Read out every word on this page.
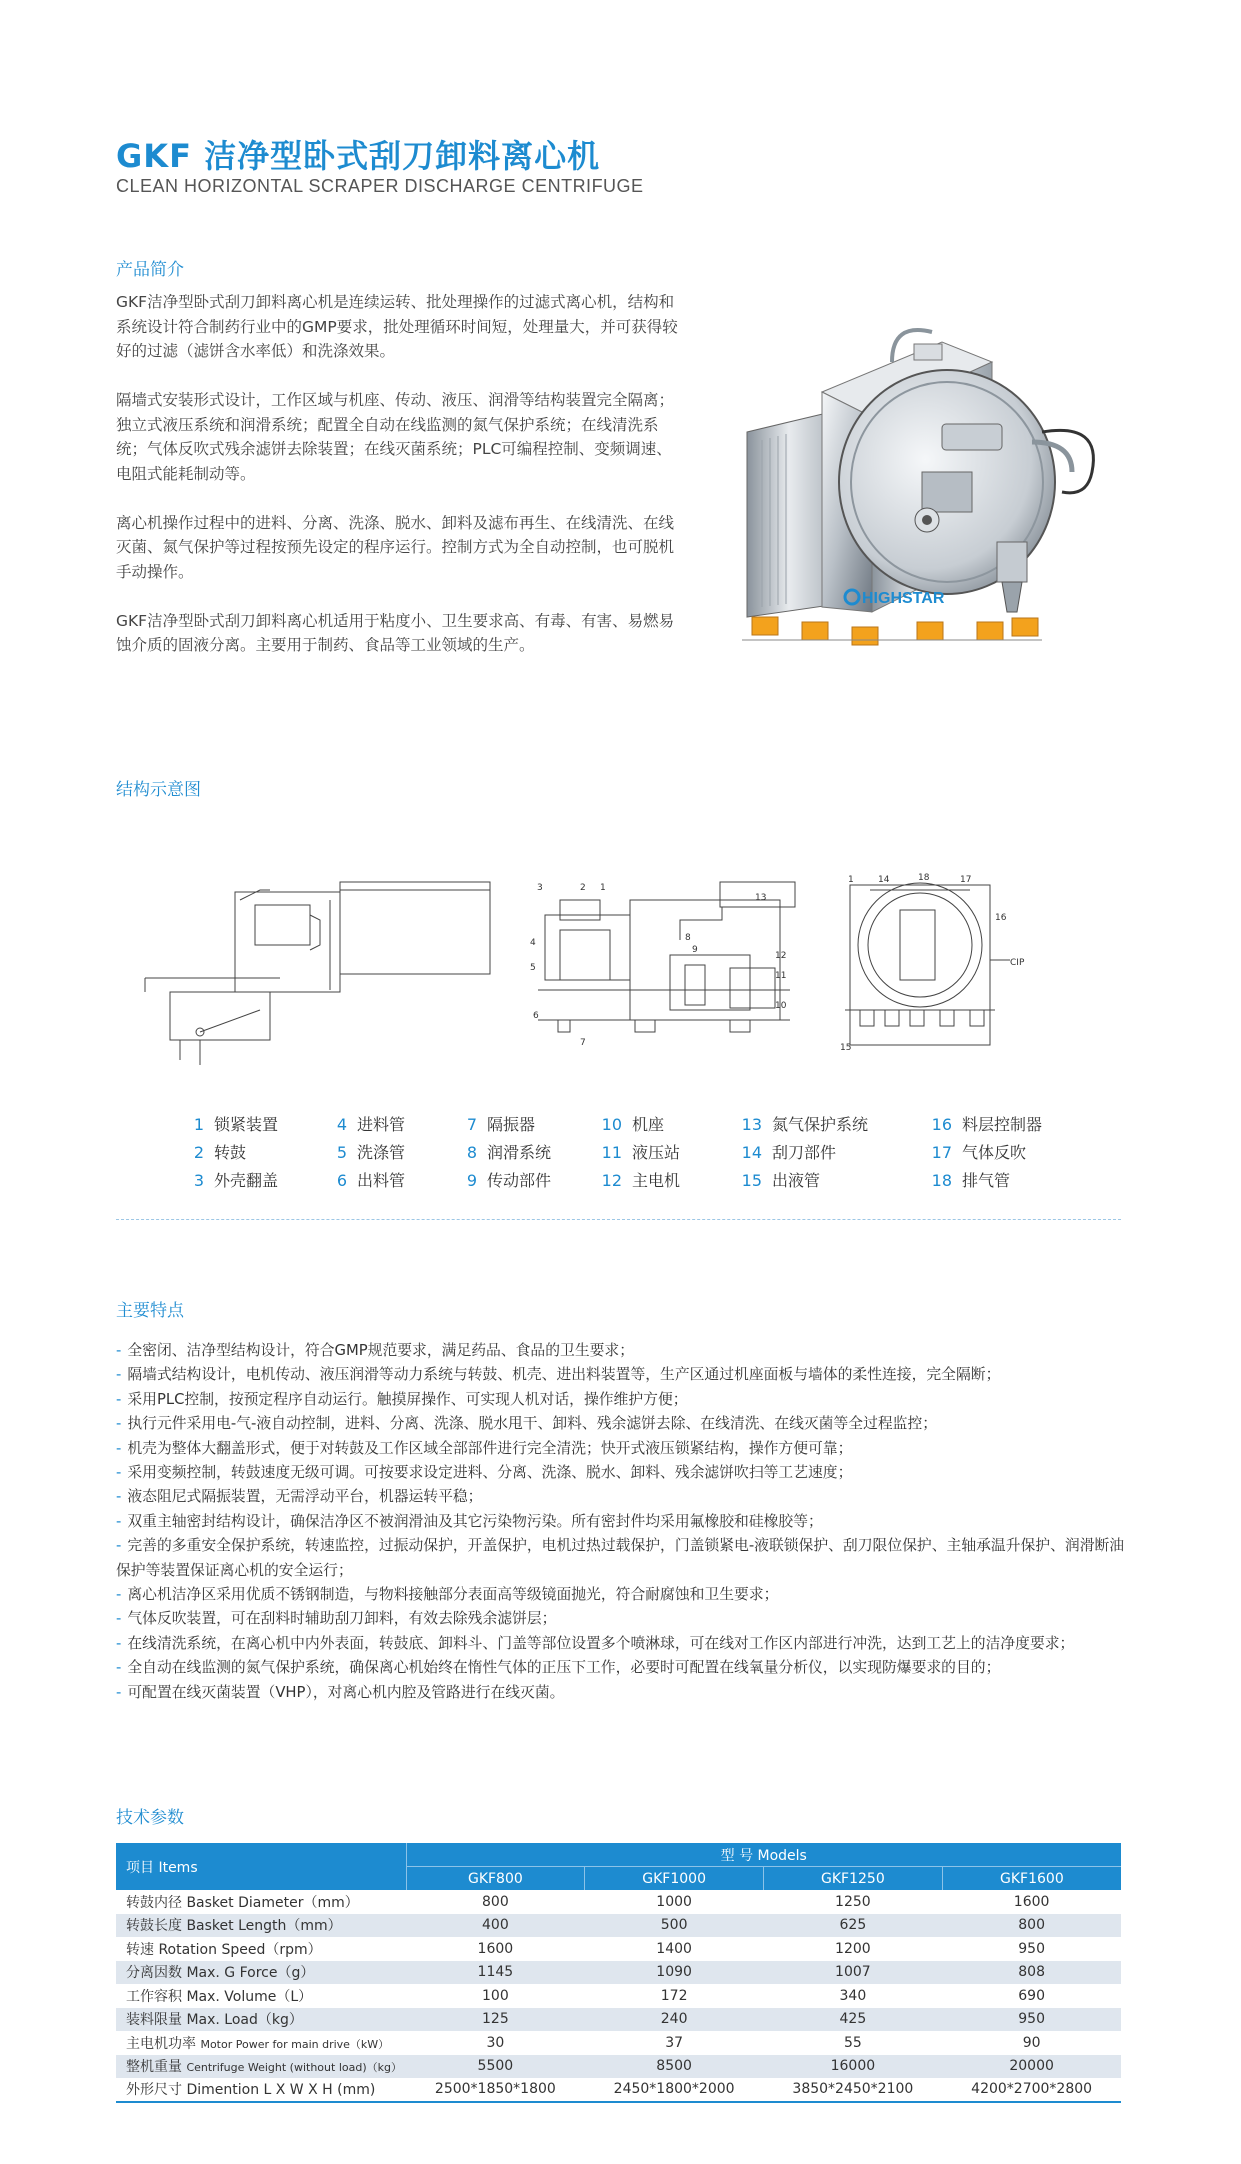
GKF 洁净型卧式刮刀卸料离心机
CLEAN HORIZONTAL SCRAPER DISCHARGE CENTRIFUGE
产品简介

GKF洁净型卧式刮刀卸料离心机是连续运转、批处理操作的过滤式离心机，结构和系统设计符合制药行业中的GMP要求，批处理循环时间短，处理量大，并可获得较好的过滤（滤饼含水率低）和洗涤效果。

隔墙式安装形式设计，工作区域与机座、传动、液压、润滑等结构装置完全隔离；独立式液压系统和润滑系统；配置全自动在线监测的氮气保护系统；在线清洗系统；气体反吹式残余滤饼去除装置；在线灭菌系统；PLC可编程控制、变频调速、电阻式能耗制动等。

离心机操作过程中的进料、分离、洗涤、脱水、卸料及滤布再生、在线清洗、在线灭菌、氮气保护等过程按预先设定的程序运行。控制方式为全自动控制，也可脱机手动操作。

GKF洁净型卧式刮刀卸料离心机适用于粘度小、卫生要求高、有毒、有害、易燃易蚀介质的固液分离。主要用于制药、食品等工业领域的生产。

HIGHSTAR
结构示意图
3	2 1
13
8
9
12
11
10
4
5
6
7
1	14	18	17
16
CIP
15
1 锁紧装置
2 转鼓
3 外壳翻盖
4 进料管
5 洗涤管
6 出料管
7 隔振器
8 润滑系统
9 传动部件
10 机座
11 液压站
12 主电机
13 氮气保护系统
14 刮刀部件
15 出液管
16 料层控制器
17 气体反吹
18 排气管
主要特点
- 全密闭、洁净型结构设计，符合GMP规范要求，满足药品、食品的卫生要求；
- 隔墙式结构设计，电机传动、液压润滑等动力系统与转鼓、机壳、进出料装置等，生产区通过机座面板与墙体的柔性连接，完全隔断；
- 采用PLC控制，按预定程序自动运行。触摸屏操作、可实现人机对话，操作维护方便；
- 执行元件采用电-气-液自动控制，进料、分离、洗涤、脱水甩干、卸料、残余滤饼去除、在线清洗、在线灭菌等全过程监控；
- 机壳为整体大翻盖形式，便于对转鼓及工作区域全部部件进行完全清洗；快开式液压锁紧结构，操作方便可靠；
- 采用变频控制，转鼓速度无级可调。可按要求设定进料、分离、洗涤、脱水、卸料、残余滤饼吹扫等工艺速度；
- 液态阻尼式隔振装置，无需浮动平台，机器运转平稳；
- 双重主轴密封结构设计，确保洁净区不被润滑油及其它污染物污染。所有密封件均采用氟橡胶和硅橡胶等；
- 完善的多重安全保护系统，转速监控，过振动保护，开盖保护，电机过热过载保护，门盖锁紧电-液联锁保护、刮刀限位保护、主轴承温升保护、润滑断油保护等装置保证离心机的安全运行；
- 离心机洁净区采用优质不锈钢制造，与物料接触部分表面高等级镜面抛光，符合耐腐蚀和卫生要求；
- 气体反吹装置，可在刮料时辅助刮刀卸料，有效去除残余滤饼层；
- 在线清洗系统，在离心机中内外表面，转鼓底、卸料斗、门盖等部位设置多个喷淋球，可在线对工作区内部进行冲洗，达到工艺上的洁净度要求；
- 全自动在线监测的氮气保护系统，确保离心机始终在惰性气体的正压下工作，必要时可配置在线氧量分析仪，以实现防爆要求的目的；
- 可配置在线灭菌装置（VHP），对离心机内腔及管路进行在线灭菌。
技术参数
项目 Items	型 号 Models			
	GKF800	GKF1000	GKF1250	GKF1600
转鼓内径 Basket Diameter（mm）	800	1000	1250	1600
转鼓长度 Basket Length（mm）	400	500	625	800
转速 Rotation Speed（rpm）	1600	1400	1200	950
分离因数 Max. G Force（g）	1145	1090	1007	808
工作容积 Max. Volume（L）	100	172	340	690
装料限量 Max. Load（kg）	125	240	425	950
主电机功率 Motor Power for main drive（kW）	30	37	55	90
整机重量 Centrifuge Weight (without load)（kg）	5500	8500	16000	20000
外形尺寸 Dimention L X W X H (mm)	2500*1850*1800	2450*1800*2000	3850*2450*2100	4200*2700*2800
